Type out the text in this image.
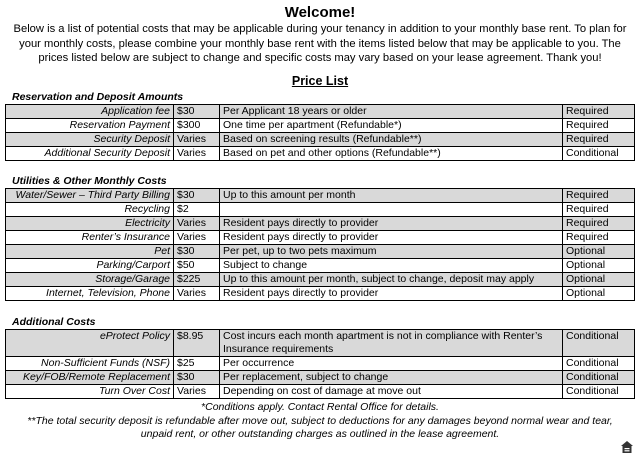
Welcome!
Below is a list of potential costs that may be applicable during your tenancy in addition to your monthly base rent. To plan for
your monthly costs, please combine your monthly base rent with the items listed below that may be applicable to you. The
prices listed below are subject to change and specific costs may vary based on your lease agreement. Thank you!
Price List
Reservation and Deposit Amounts
Application fee	$30	Per Applicant 18 years or older	Required
Reservation Payment	$300	One time per apartment (Refundable*)	Required
Security Deposit	Varies	Based on screening results (Refundable**)	Required
Additional Security Deposit	Varies	Based on pet and other options (Refundable**)	Conditional
Utilities & Other Monthly Costs
Water/Sewer – Third Party Billing	$30	Up to this amount per month	Required
Recycling	$2		Required
Electricity	Varies	Resident pays directly to provider	Required
Renter’s Insurance	Varies	Resident pays directly to provider	Required
Pet	$30	Per pet, up to two pets maximum	Optional
Parking/Carport	$50	Subject to change	Optional
Storage/Garage	$225	Up to this amount per month, subject to change, deposit may apply	Optional
Internet, Television, Phone	Varies	Resident pays directly to provider	Optional
Additional Costs
eProtect Policy	$8.95	Cost incurs each month apartment is not in compliance with Renter’s Insurance requirements	Conditional
Non-Sufficient Funds (NSF)	$25	Per occurrence	Conditional
Key/FOB/Remote Replacement	$30	Per replacement, subject to change	Conditional
Turn Over Cost	Varies	Depending on cost of damage at move out	Conditional
*Conditions apply. Contact Rental Office for details.
**The total security deposit is refundable after move out, subject to deductions for any damages beyond normal wear and tear, unpaid rent, or other outstanding charges as outlined in the lease agreement.
